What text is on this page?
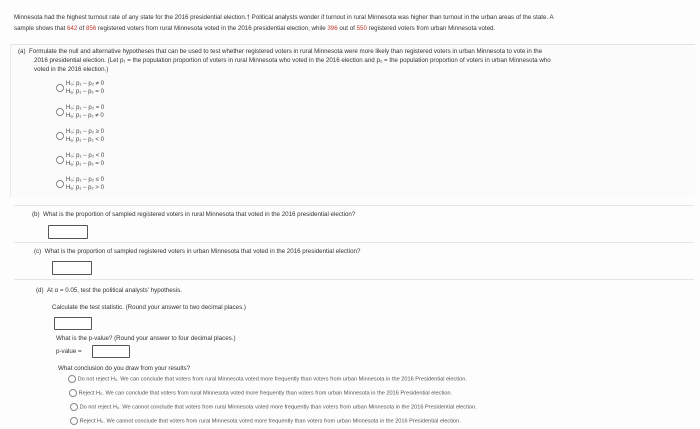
Minnesota had the highest turnout rate of any state for the 2016 presidential election.† Political analysts wonder if turnout in rural Minnesota was higher than turnout in the urban areas of the state. A
sample shows that 642 of 856 registered voters from rural Minnesota voted in the 2016 presidential election, while 396 out of 550 registered voters from urban Minnesota voted.
(a) Formulate the null and alternative hypotheses that can be used to test whether registered voters in rural Minnesota were more likely than registered voters in urban Minnesota to vote in the
2016 presidential election. (Let p₁ = the population proportion of voters in rural Minnesota who voted in the 2016 election and p₂ = the population proportion of voters in urban Minnesota who
voted in the 2016 election.)
H₀: p₁ − p₂ ≠ 0
Hₐ: p₁ − p₂ = 0
H₀: p₁ − p₂ = 0
Hₐ: p₁ − p₂ ≠ 0
H₀: p₁ − p₂ ≥ 0
Hₐ: p₁ − p₂ < 0
H₀: p₁ − p₂ < 0
Hₐ: p₁ − p₂ = 0
H₀: p₁ − p₂ ≤ 0
Hₐ: p₁ − p₂ > 0
(b) What is the proportion of sampled registered voters in rural Minnesota that voted in the 2016 presidential election?
(c) What is the proportion of sampled registered voters in urban Minnesota that voted in the 2016 presidential election?
(d) At α = 0.05, test the political analysts' hypothesis.
Calculate the test statistic. (Round your answer to two decimal places.)
What is the p-value? (Round your answer to four decimal places.)
p-value =
What conclusion do you draw from your results?
Do not reject H₀. We can conclude that voters from rural Minnesota voted more frequently than voters from urban Minnesota in the 2016 Presidential election.
Reject H₀. We can conclude that voters from rural Minnesota voted more frequently than voters from urban Minnesota in the 2016 Presidential election.
Do not reject H₀. We cannot conclude that voters from rural Minnesota voted more frequently than voters from urban Minnesota in the 2016 Presidential election.
Reject H₀. We cannot conclude that voters from rural Minnesota voted more frequently than voters from urban Minnesota in the 2016 Presidential election.
